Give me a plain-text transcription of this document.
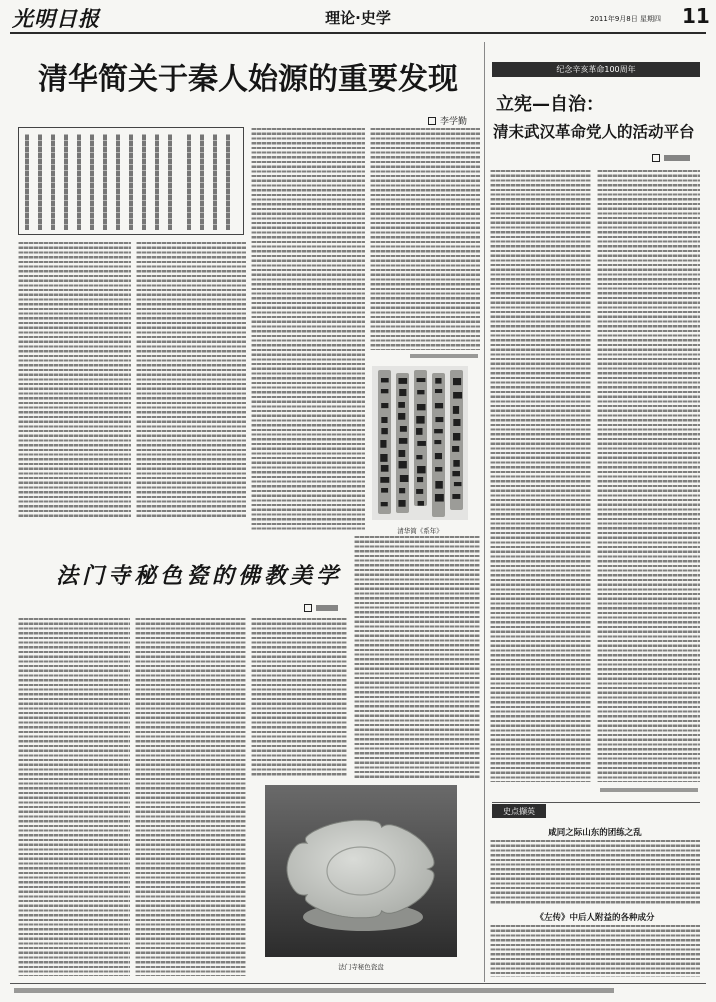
光明日报	理论·史学	2011年9月8日 星期四 11
清华简关于秦人始源的重要发现
李学勤
清华简《系年》
法门寺秘色瓷的佛教美学
法门寺秘色瓷盘
纪念辛亥革命100周年
立宪—自治：
清末武汉革命党人的活动平台
史点撷英
咸同之际山东的团练之乱
《左传》中后人附益的各种成分
